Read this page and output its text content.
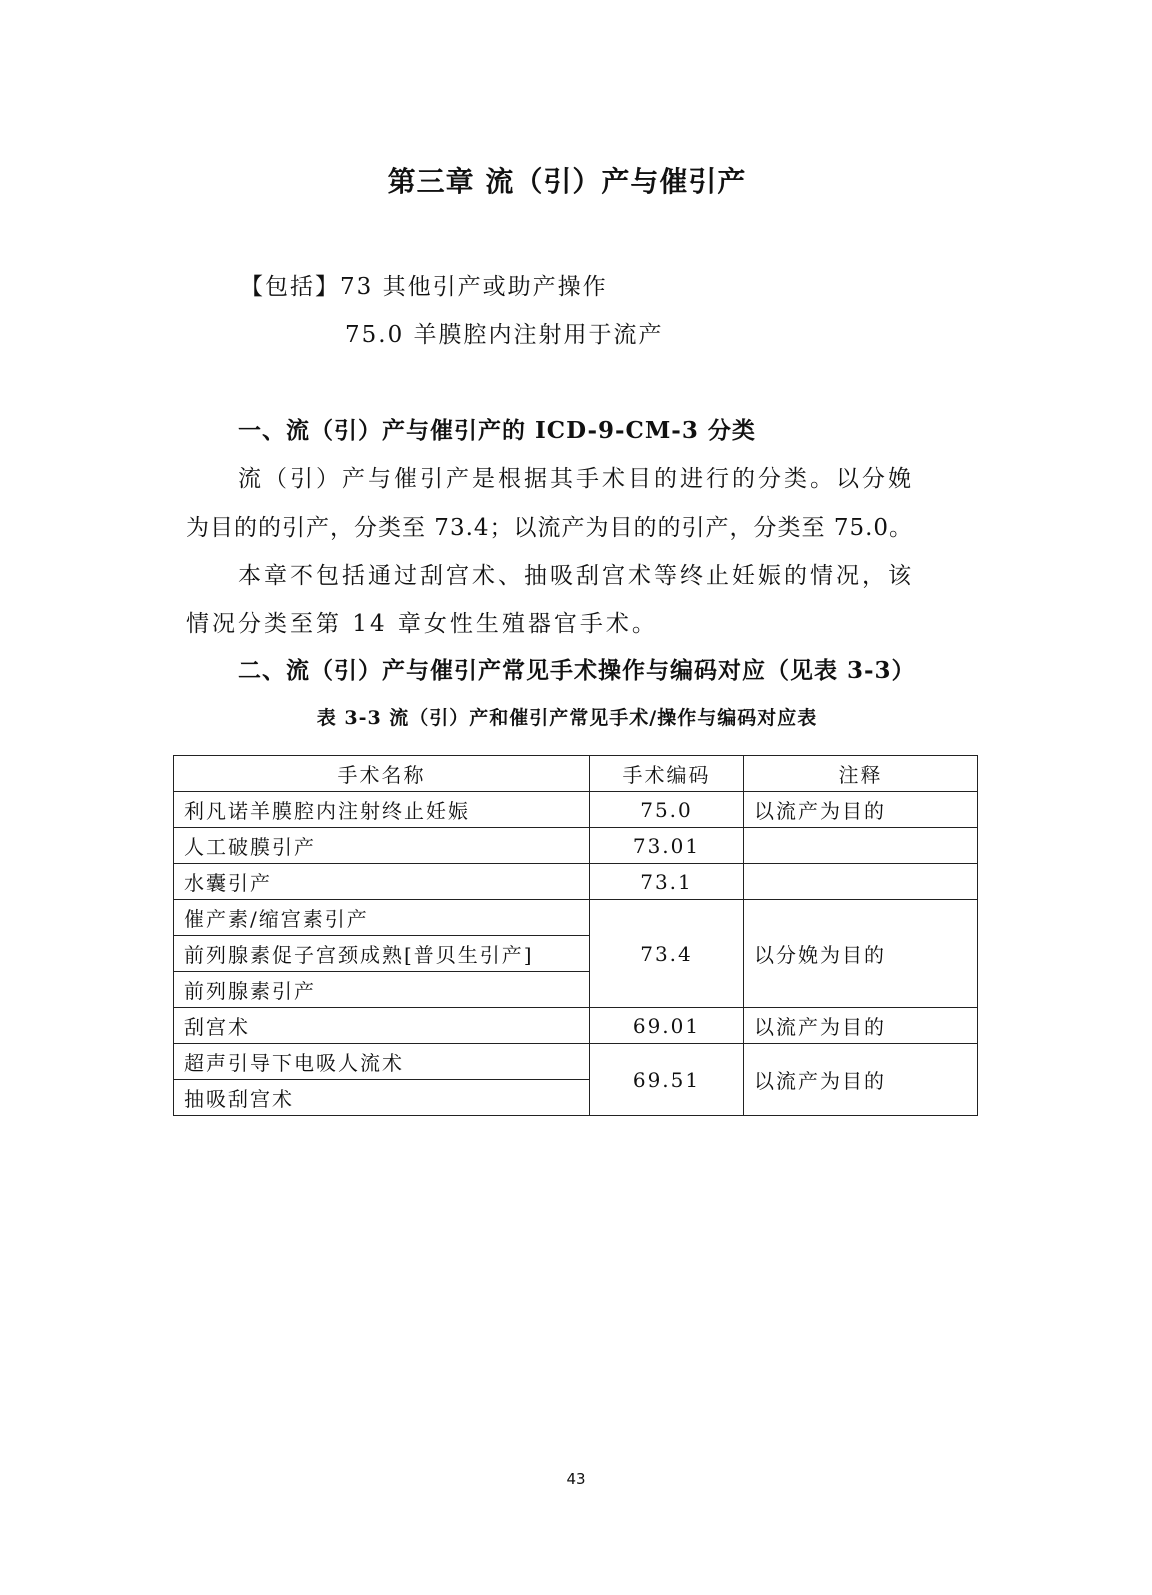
第三章 流（引）产与催引产
【包括】73 其他引产或助产操作
75.0 羊膜腔内注射用于流产
一、流（引）产与催引产的 ICD-9-CM-3 分类
流（引）产与催引产是根据其手术目的进行的分类。以分娩
为目的的引产，分类至 73.4；以流产为目的的引产，分类至 75.0。
本章不包括通过刮宫术、抽吸刮宫术等终止妊娠的情况，该
情况分类至第 14 章女性生殖器官手术。
二、流（引）产与催引产常见手术操作与编码对应（见表 3-3）
表 3-3 流（引）产和催引产常见手术/操作与编码对应表
手术名称	手术编码	注释
利凡诺羊膜腔内注射终止妊娠	75.0	以流产为目的
人工破膜引产	73.01	
水囊引产	73.1	
催产素/缩宫素引产	73.4	以分娩为目的
前列腺素促子宫颈成熟[普贝生引产]		
前列腺素引产		
刮宫术	69.01	以流产为目的
超声引导下电吸人流术	69.51	以流产为目的
抽吸刮宫术		
43
